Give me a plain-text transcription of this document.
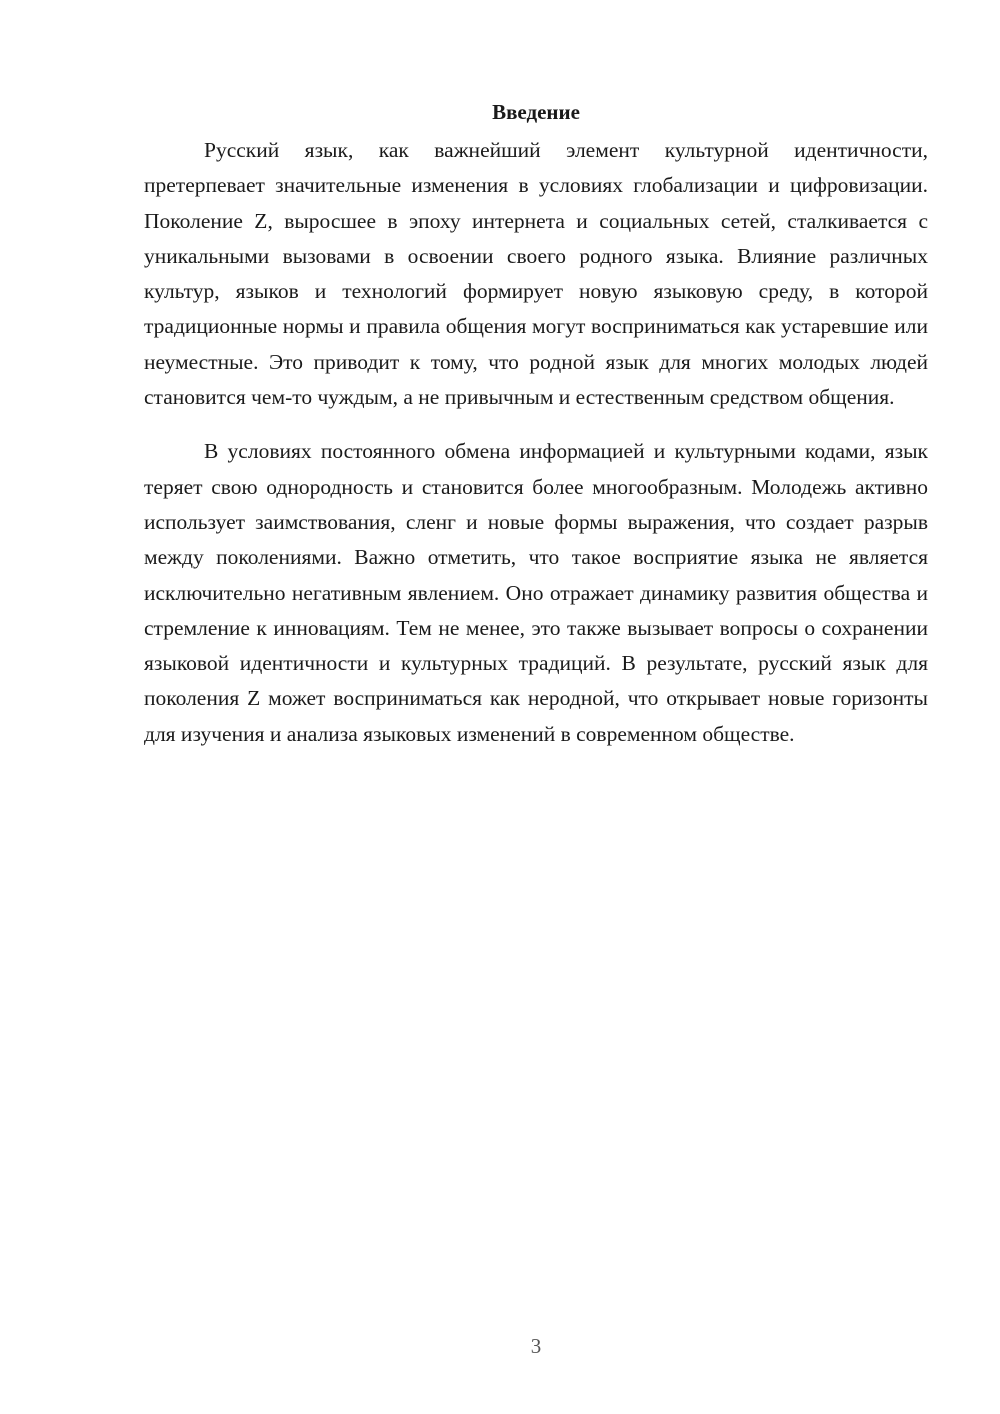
Введение

Русский язык, как важнейший элемент культурной идентичности, претерпевает значительные изменения в условиях глобализации и цифровизации. Поколение Z, выросшее в эпоху интернета и социальных сетей, сталкивается с уникальными вызовами в освоении своего родного языка. Влияние различных культур, языков и технологий формирует новую языковую среду, в которой традиционные нормы и правила общения могут восприниматься как устаревшие или неуместные. Это приводит к тому, что родной язык для многих молодых людей становится чем-то чуждым, а не привычным и естественным средством общения.

В условиях постоянного обмена информацией и культурными кодами, язык теряет свою однородность и становится более многообразным. Молодежь активно использует заимствования, сленг и новые формы выражения, что создает разрыв между поколениями. Важно отметить, что такое восприятие языка не является исключительно негативным явлением. Оно отражает динамику развития общества и стремление к инновациям. Тем не менее, это также вызывает вопросы о сохранении языковой идентичности и культурных традиций. В результате, русский язык для поколения Z может восприниматься как неродной, что открывает новые горизонты для изучения и анализа языковых изменений в современном обществе.

3
